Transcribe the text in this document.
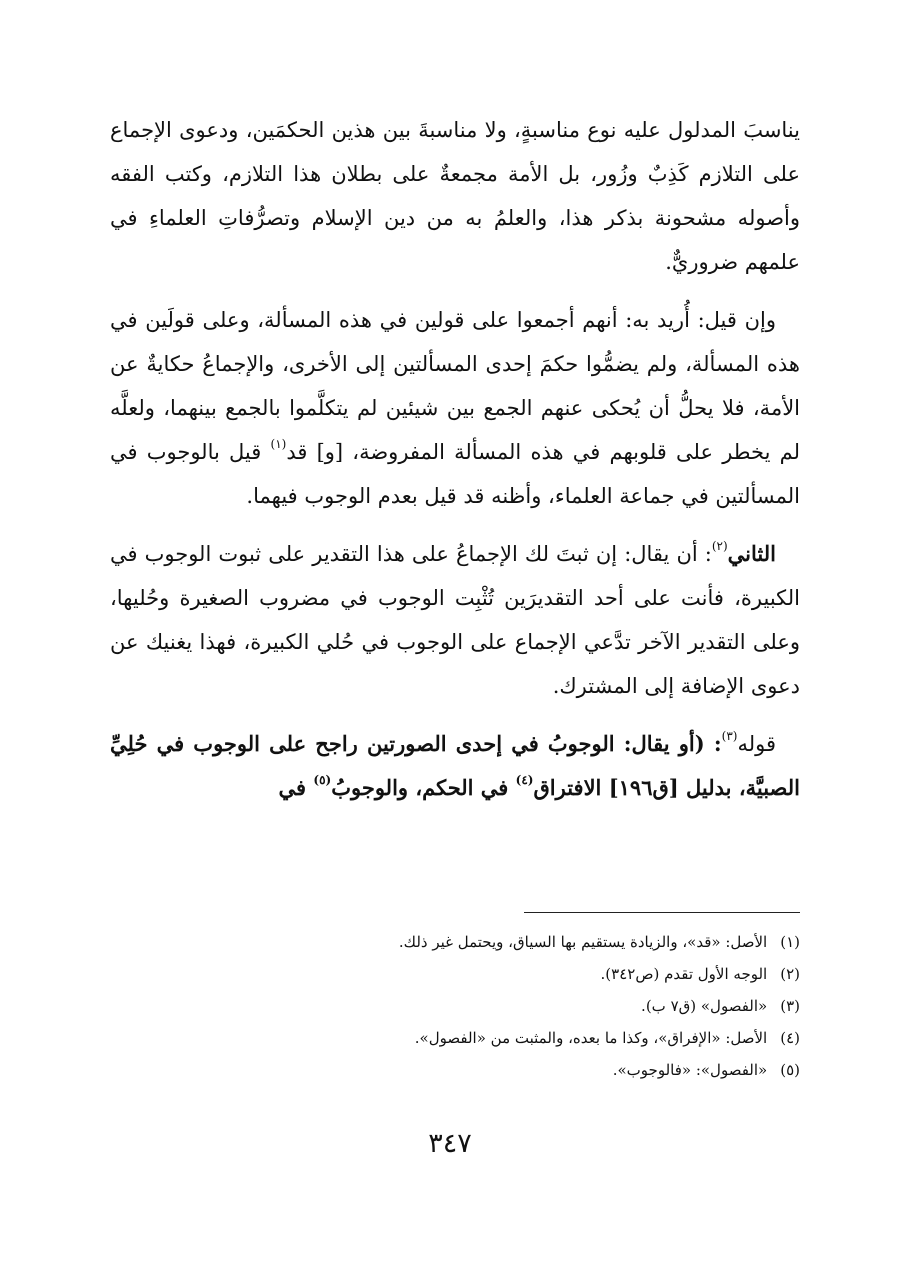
يناسبَ المدلول عليه نوع مناسبةٍ، ولا مناسبةَ بين هذين الحكمَين، ودعوى الإجماع على التلازم كَذِبٌ وزُور، بل الأمة مجمعةٌ على بطلان هذا التلازم، وكتب الفقه وأصوله مشحونة بذكر هذا، والعلمُ به من دين الإسلام وتصرُّفاتِ العلماءِ في علمهم ضروريٌّ.

وإن قيل: أُريد به: أنهم أجمعوا على قولين في هذه المسألة، وعلى قولَين في هذه المسألة، ولم يضمُّوا حكمَ إحدى المسألتين إلى الأخرى، والإجماعُ حكايةٌ عن الأمة، فلا يحلُّ أن يُحكى عنهم الجمع بين شيئين لم يتكلَّموا بالجمع بينهما، ولعلَّه لم يخطر على قلوبهم في هذه المسألة المفروضة، [و] قد$^{(١)}$ قيل بالوجوب في المسألتين في جماعة العلماء، وأظنه قد قيل بعدم الوجوب فيهما.

الثاني$^{(٢)}$: أن يقال: إن ثبتَ لك الإجماعُ على هذا التقدير على ثبوت الوجوب في الكبيرة، فأنت على أحد التقديرَين تُثْبِت الوجوب في مضروب الصغيرة وحُليها، وعلى التقدير الآخر تدَّعي الإجماع على الوجوب في حُلي الكبيرة، فهذا يغنيك عن دعوى الإضافة إلى المشترك.

قوله$^{(٣)}$: (أو يقال: الوجوبُ في إحدى الصورتين راجح على الوجوب في حُلِيِّ الصبيَّة، بدليل [ق١٩٦] الافتراق$^{(٤)}$ في الحكم، والوجوبُ$^{(٥)}$ في

(١) الأصل: «قد»، والزيادة يستقيم بها السياق، ويحتمل غير ذلك.
(٢) الوجه الأول تقدم (ص٣٤٢).
(٣) «الفصول» (ق٧ ب).
(٤) الأصل: «الإفراق»، وكذا ما بعده، والمثبت من «الفصول».
(٥) «الفصول»: «فالوجوب».
٣٤٧
